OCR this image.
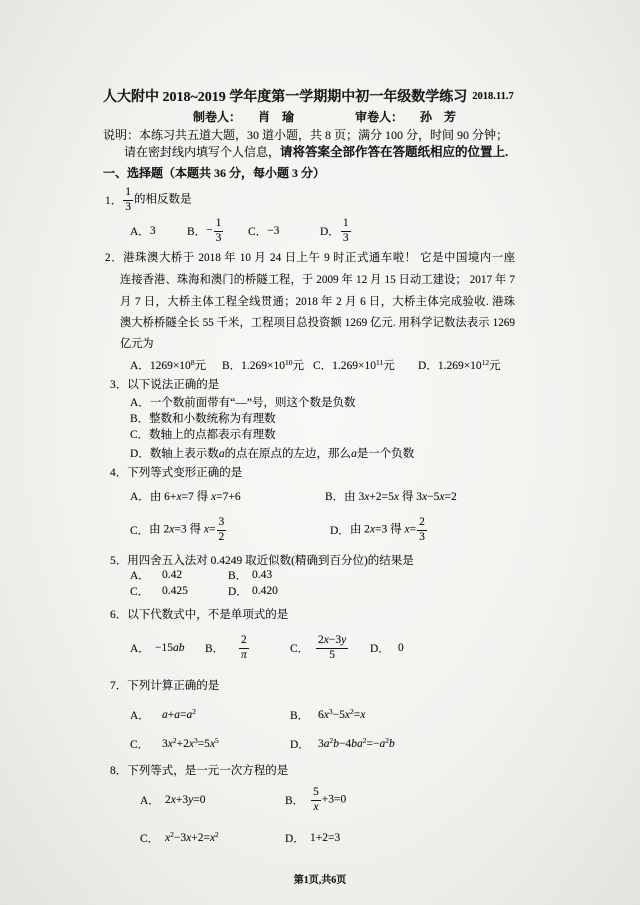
人大附中 2018~2019 学年度第一学期期中初一年级数学练习 2018.11.7
制卷人： 肖　瑜	审卷人： 孙　芳
说明：本练习共五道大题，30 道小题，共 8 页；满分 100 分，时间 90 分钟；
请在密封线内填写个人信息， 请将答案全部作答在答题纸相应的位置上.
一、选择题（本题共 36 分，每小题 3 分）
1． $\frac{1}{3}$ 的相反数是
A． 3	B． − $\frac{1}{3}$ C． −3	D． $\frac{1}{3}$
2．港珠澳大桥于 2018 年 10 月 24 日上午 9 时正式通车啦！ 它是中国境内一座
连接香港、珠海和澳门的桥隧工程，于 2009 年 12 月 15 日动工建设； 2017 年 7
月 7 日，大桥主体工程全线贯通；2018 年 2 月 6 日，大桥主体完成验收. 港珠
澳大桥桥隧全长 55 千米，工程项目总投资额 1269 亿元. 用科学记数法表示 1269
亿元为
A． $1269\times 10^8$元 B． $1.269\times 10^{10}$元 C． $1.269\times 10^{11}$元 D． $1.269\times 10^{12}$元
3． 以下说法正确的是
A． 一个数前面带有“—”号，则这个数是负数
B． 整数和小数统称为有理数
C． 数轴上的点都表示有理数
D． 数轴上表示数a的点在原点的左边，那么a是一个负数
4． 下列等式变形正确的是
A． 由 6+x=7 得 x=7+6	B． 由 3x+2=5x 得 3x−5x=2
C． 由 2x=3 得 $x= \frac{3}{2}$	D． 由 2x=3 得 $x= \frac{2}{3}$
5． 用四舍五入法对 0.4249 取近似数(精确到百分位)的结果是
A．	0.42	B． 0.43
C．	0.425	D． 0.420
6． 以下代数式中，不是单项式的是
A． −15ab B．	$\frac{2}{\pi}$	C． $\frac{2x-3y}{5}$ D． 0
7． 下列计算正确的是
A．	$a+a=a^2$	B． $6x^3-5x^2=x$
C．	$3x^2+2x^3=5x^5$	D． $3a^2b-4ba^2=-a^2b$
8． 下列等式，是一元一次方程的是
A． 2x+3y=0	B． $\frac{5}{x} +3=0$
C． $x^2-3x+2=x^2$	D． 1+2=3
第1页,共6页
